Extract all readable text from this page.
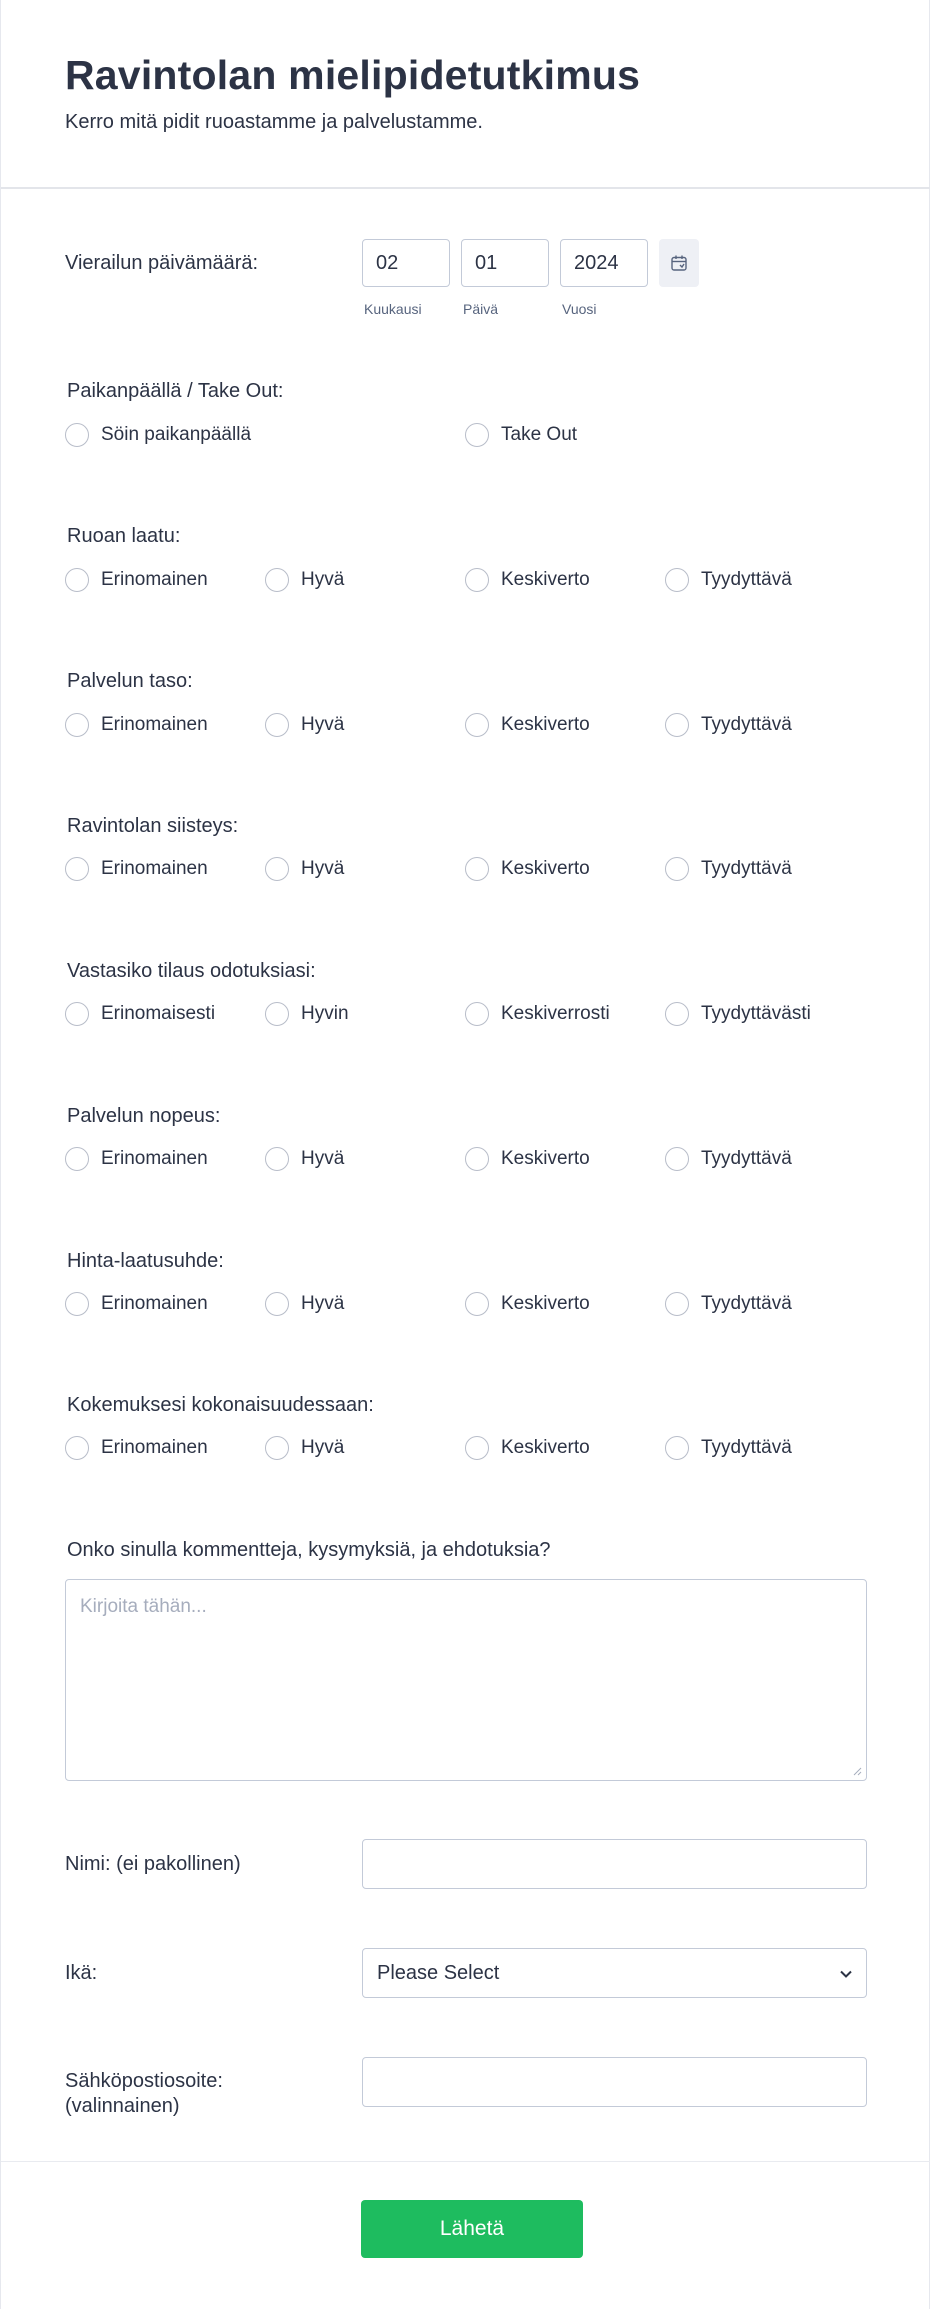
Ravintolan mielipidetutkimus

Kerro mitä pidit ruoastamme ja palvelustamme.

Vierailun päivämäärä:	02	01	2024
Kuukausi	Päivä	Vuosi
Paikanpäällä / Take Out:
Söin paikanpäällä	Take Out
Ruoan laatu:
Erinomainen	Hyvä	Keskiverto	Tyydyttävä
Palvelun taso:
Erinomainen	Hyvä	Keskiverto	Tyydyttävä
Ravintolan siisteys:
Erinomainen	Hyvä	Keskiverto	Tyydyttävä
Vastasiko tilaus odotuksiasi:
Erinomaisesti	Hyvin	Keskiverrosti	Tyydyttävästi
Palvelun nopeus:
Erinomainen	Hyvä	Keskiverto	Tyydyttävä
Hinta-laatusuhde:
Erinomainen	Hyvä	Keskiverto	Tyydyttävä
Kokemuksesi kokonaisuudessaan:
Erinomainen	Hyvä	Keskiverto	Tyydyttävä
Onko sinulla kommentteja, kysymyksiä, ja ehdotuksia?
Kirjoita tähän...
Nimi: (ei pakollinen)
Ikä:	Please Select
Sähköpostiosoite:
(valinnainen)
Lähetä
